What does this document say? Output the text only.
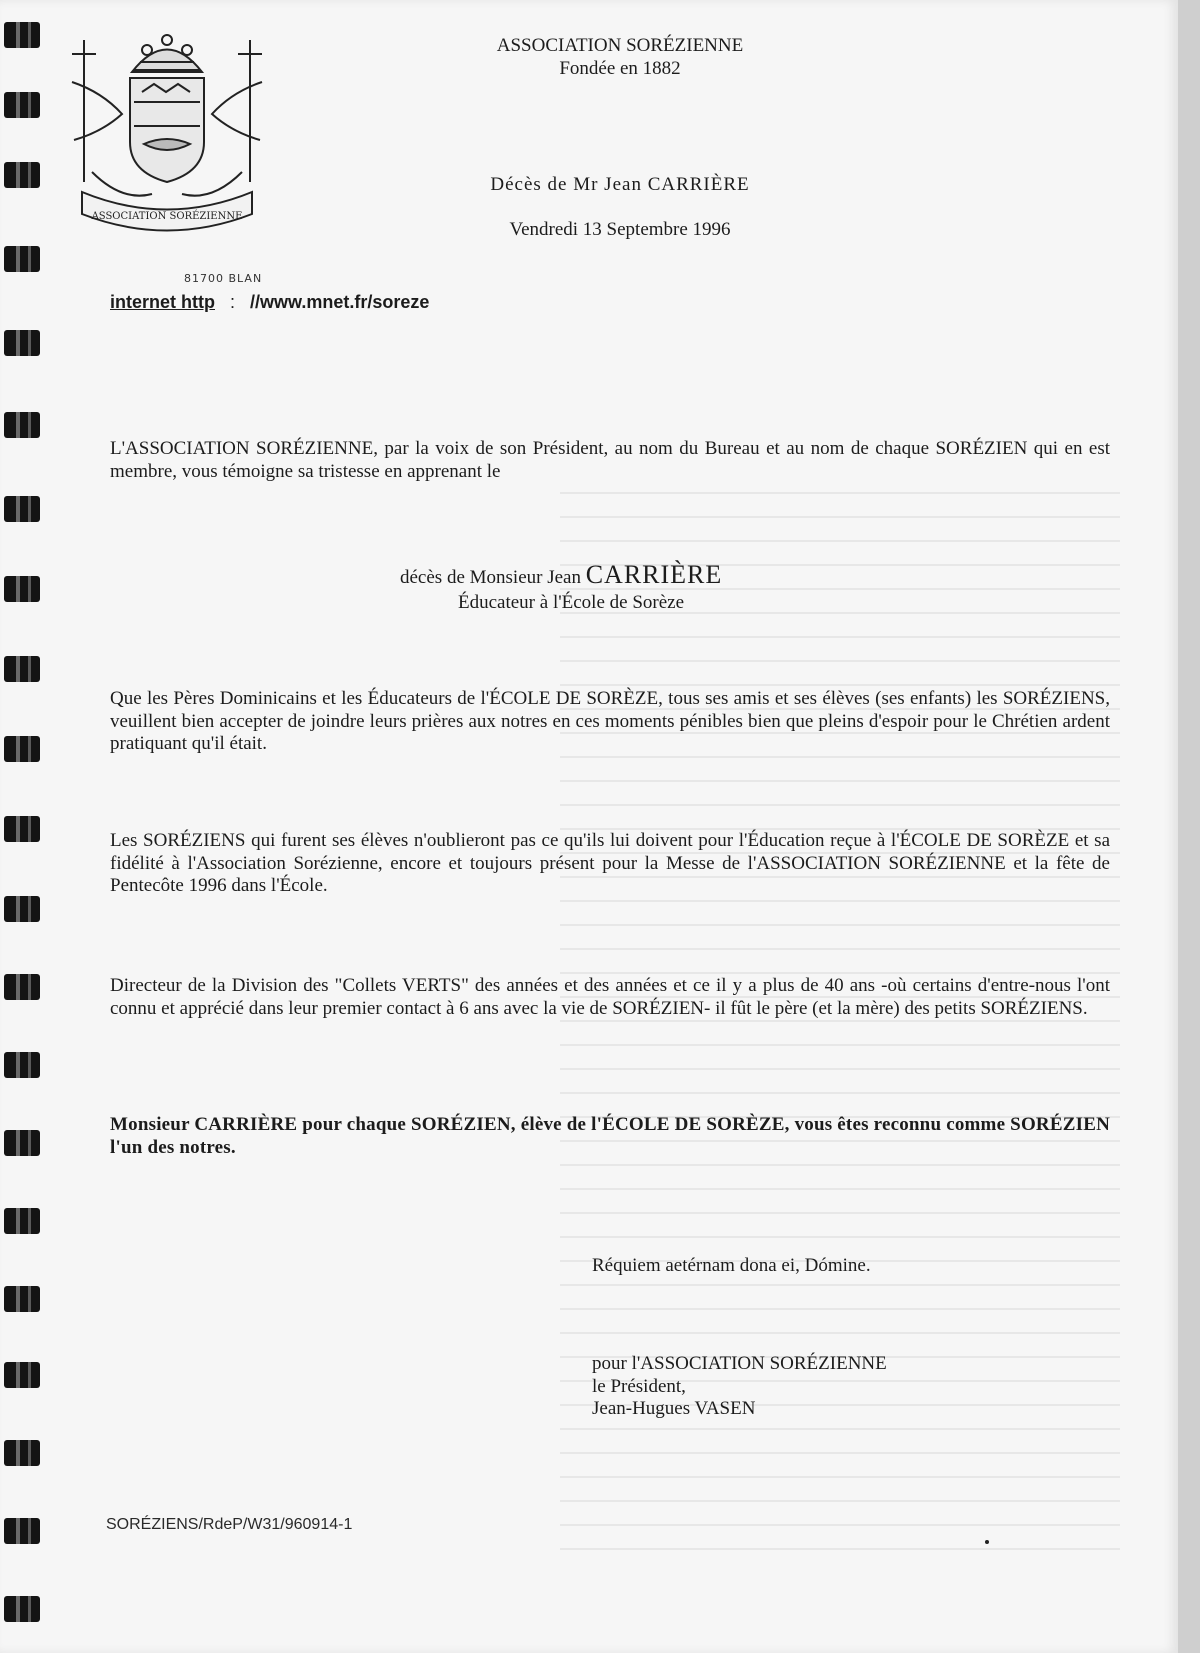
ASSOCIATION SORÉZIENNE
81700 BLAN
ASSOCIATION SORÉZIENNE
Fondée en 1882
Décès de Mr Jean CARRIÈRE
Vendredi 13 Septembre 1996
internet http : //www.mnet.fr/soreze
L'ASSOCIATION SORÉZIENNE, par la voix de son Président, au nom du Bureau et au nom de chaque SORÉZIEN qui en est membre, vous témoigne sa tristesse en apprenant le
décès de Monsieur Jean CARRIÈRE
Éducateur à l'École de Sorèze
Que les Pères Dominicains et les Éducateurs de l'ÉCOLE DE SORÈZE, tous ses amis et ses élèves (ses enfants) les SORÉZIENS, veuillent bien accepter de joindre leurs prières aux notres en ces moments pénibles bien que pleins d'espoir pour le Chrétien ardent pratiquant qu'il était.
Les SORÉZIENS qui furent ses élèves n'oublieront pas ce qu'ils lui doivent pour l'Éducation reçue à l'ÉCOLE DE SORÈZE et sa fidélité à l'Association Sorézienne, encore et toujours présent pour la Messe de l'ASSOCIATION SORÉZIENNE et la fête de Pentecôte 1996 dans l'École.
Directeur de la Division des "Collets VERTS" des années et des années et ce il y a plus de 40 ans -où certains d'entre-nous l'ont connu et apprécié dans leur premier contact à 6 ans avec la vie de SORÉZIEN- il fût le père (et la mère) des petits SORÉZIENS.
Monsieur CARRIÈRE pour chaque SORÉZIEN, élève de l'ÉCOLE DE SORÈZE, vous êtes reconnu comme SORÉZIEN l'un des notres.
Réquiem aetérnam dona ei, Dómine.
pour l'ASSOCIATION SORÉZIENNE
le Président,
Jean-Hugues VASEN
SORÉZIENS/RdeP/W31/960914-1
